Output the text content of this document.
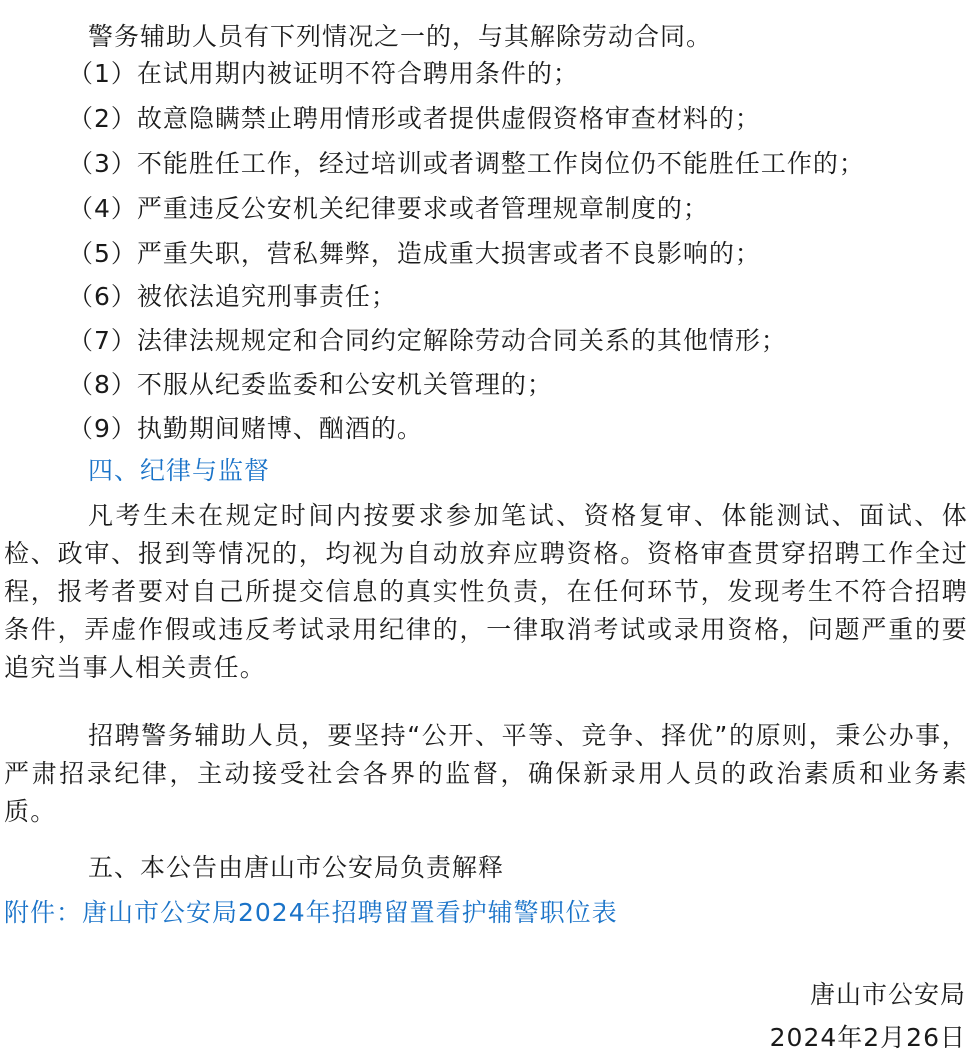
警务辅助人员有下列情况之一的，与其解除劳动合同。
（1）在试用期内被证明不符合聘用条件的；
（2）故意隐瞒禁止聘用情形或者提供虚假资格审查材料的；
（3）不能胜任工作，经过培训或者调整工作岗位仍不能胜任工作的；
（4）严重违反公安机关纪律要求或者管理规章制度的；
（5）严重失职，营私舞弊，造成重大损害或者不良影响的；
（6）被依法追究刑事责任；
（7）法律法规规定和合同约定解除劳动合同关系的其他情形；
（8）不服从纪委监委和公安机关管理的；
（9）执勤期间赌博、酗酒的。
四、纪律与监督
凡考生未在规定时间内按要求参加笔试、资格复审、体能测试、面试、体检、政审、报到等情况的，均视为自动放弃应聘资格。资格审查贯穿招聘工作全过程，报考者要对自己所提交信息的真实性负责，在任何环节，发现考生不符合招聘条件，弄虚作假或违反考试录用纪律的，一律取消考试或录用资格，问题严重的要追究当事人相关责任。
招聘警务辅助人员，要坚持“公开、平等、竞争、择优”的原则，秉公办事，严肃招录纪律，主动接受社会各界的监督，确保新录用人员的政治素质和业务素质。
五、本公告由唐山市公安局负责解释
附件：唐山市公安局2024年招聘留置看护辅警职位表
唐山市公安局
2024年2月26日
